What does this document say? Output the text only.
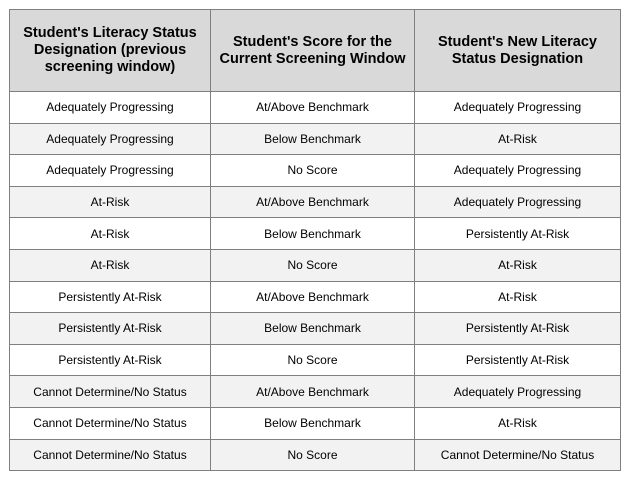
Student's Literacy Status Designation (previous screening window)	Student's Score for the Current Screening Window	Student's New Literacy Status Designation
Adequately Progressing	At/Above Benchmark	Adequately Progressing
Adequately Progressing	Below Benchmark	At-Risk
Adequately Progressing	No Score	Adequately Progressing
At-Risk	At/Above Benchmark	Adequately Progressing
At-Risk	Below Benchmark	Persistently At-Risk
At-Risk	No Score	At-Risk
Persistently At-Risk	At/Above Benchmark	At-Risk
Persistently At-Risk	Below Benchmark	Persistently At-Risk
Persistently At-Risk	No Score	Persistently At-Risk
Cannot Determine/No Status	At/Above Benchmark	Adequately Progressing
Cannot Determine/No Status	Below Benchmark	At-Risk
Cannot Determine/No Status	No Score	Cannot Determine/No Status
